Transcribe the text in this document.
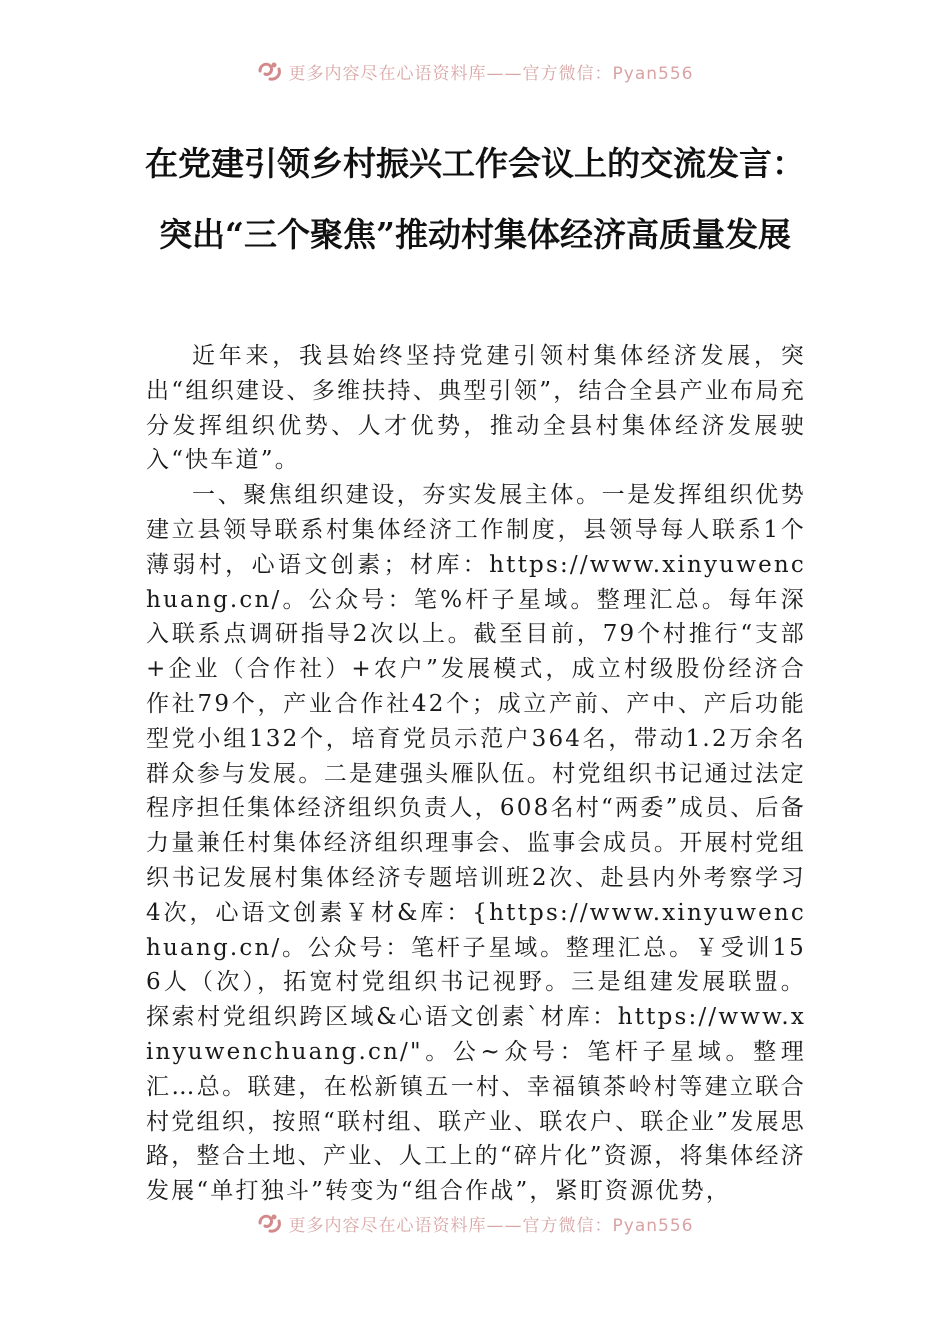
更多内容尽在心语资料库——官方微信：Pyan556
在党建引领乡村振兴工作会议上的交流发言：突出“三个聚焦”推动村集体经济高质量发展

近年来，我县始终坚持党建引领村集体经济发展，突出“组织建设、多维扶持、典型引领”，结合全县产业布局充分发挥组织优势、人才优势，推动全县村集体经济发展驶入“快车道”。

一、聚焦组织建设，夯实发展主体。一是发挥组织优势建立县领导联系村集体经济工作制度，县领导每人联系1个薄弱村，心语文创素；材库：https://www.xinyuwenchuang.cn/。公众号：笔%杆子星域。整理汇总。每年深入联系点调研指导2次以上。截至目前，79个村推行“支部+企业（合作社）+农户”发展模式，成立村级股份经济合作社79个，产业合作社42个；成立产前、产中、产后功能型党小组132个，培育党员示范户364名，带动1.2万余名群众参与发展。二是建强头雁队伍。村党组织书记通过法定程序担任集体经济组织负责人，608名村“两委”成员、后备力量兼任村集体经济组织理事会、监事会成员。开展村党组织书记发展村集体经济专题培训班2次、赴县内外考察学习4次，心语文创素￥材&库：{https://www.xinyuwenchuang.cn/。公众号：笔杆子星域。整理汇总。￥受训156人（次），拓宽村党组织书记视野。三是组建发展联盟。探索村党组织跨区域&心语文创素`材库：https://www.xinyuwenchuang.cn/"。公~众号：笔杆子星域。整理汇…总。联建，在松新镇五一村、幸福镇茶岭村等建立联合村党组织，按照“联村组、联产业、联农户、联企业”发展思路，整合土地、产业、人工上的“碎片化”资源，将集体经济发展“单打独斗”转变为“组合作战”，紧盯资源优势，

更多内容尽在心语资料库——官方微信：Pyan556
